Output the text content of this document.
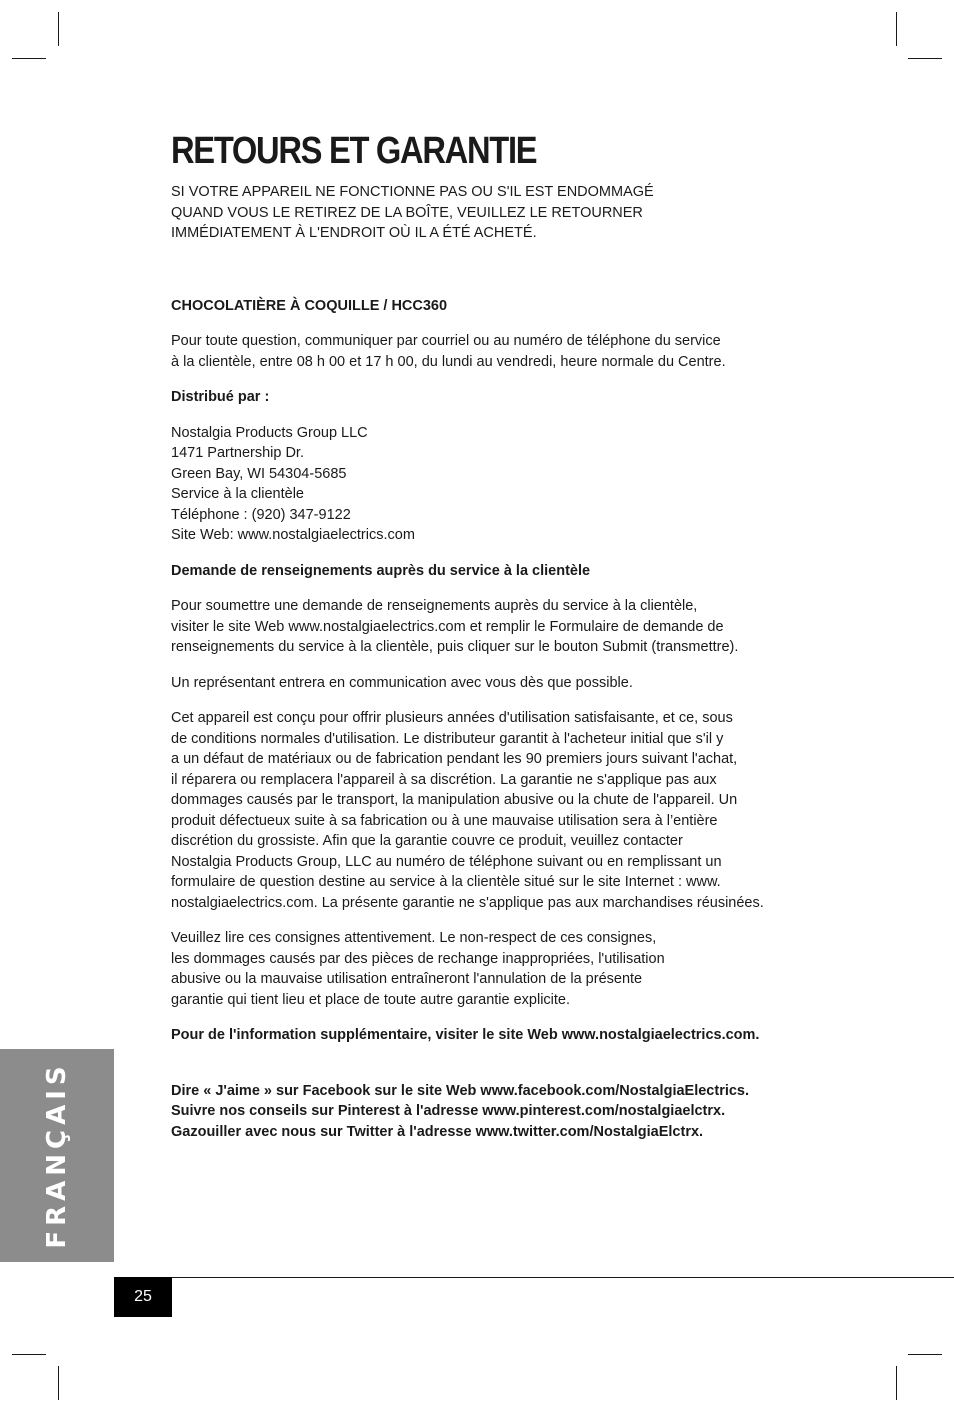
RETOURS ET GARANTIE

SI VOTRE APPAREIL NE FONCTIONNE PAS OU S'IL EST ENDOMMAGÉ
QUAND VOUS LE RETIREZ DE LA BOÎTE, VEUILLEZ LE RETOURNER
IMMÉDIATEMENT À L'ENDROIT OÙ IL A ÉTÉ ACHETÉ.

CHOCOLATIÈRE À COQUILLE / HCC360

Pour toute question, communiquer par courriel ou au numéro de téléphone du service
à la clientèle, entre 08 h 00 et 17 h 00, du lundi au vendredi, heure normale du Centre.

Distribué par :

Nostalgia Products Group LLC
1471 Partnership Dr.
Green Bay, WI 54304-5685
Service à la clientèle
Téléphone : (920) 347-9122
Site Web: www.nostalgiaelectrics.com

Demande de renseignements auprès du service à la clientèle

Pour soumettre une demande de renseignements auprès du service à la clientèle,
visiter le site Web www.nostalgiaelectrics.com et remplir le Formulaire de demande de
renseignements du service à la clientèle, puis cliquer sur le bouton Submit (transmettre).

Un représentant entrera en communication avec vous dès que possible.

Cet appareil est conçu pour offrir plusieurs années d'utilisation satisfaisante, et ce, sous
de conditions normales d'utilisation. Le distributeur garantit à l'acheteur initial que s'il y
a un défaut de matériaux ou de fabrication pendant les 90 premiers jours suivant l'achat,
il réparera ou remplacera l'appareil à sa discrétion. La garantie ne s'applique pas aux
dommages causés par le transport, la manipulation abusive ou la chute de l'appareil. Un
produit défectueux suite à sa fabrication ou à une mauvaise utilisation sera à l’entière
discrétion du grossiste. Afin que la garantie couvre ce produit, veuillez contacter
Nostalgia Products Group, LLC au numéro de téléphone suivant ou en remplissant un
formulaire de question destine au service à la clientèle situé sur le site Internet : www.
nostalgiaelectrics.com. La présente garantie ne s'applique pas aux marchandises réusinées.

Veuillez lire ces consignes attentivement. Le non-respect de ces consignes,
les dommages causés par des pièces de rechange inappropriées, l'utilisation
abusive ou la mauvaise utilisation entraîneront l'annulation de la présente
garantie qui tient lieu et place de toute autre garantie explicite.

Pour de l'information supplémentaire, visiter le site Web www.nostalgiaelectrics.com.

Dire « J'aime » sur Facebook sur le site Web www.facebook.com/NostalgiaElectrics.
Suivre nos conseils sur Pinterest à l'adresse www.pinterest.com/nostalgiaelctrx.
Gazouiller avec nous sur Twitter à l'adresse www.twitter.com/NostalgiaElctrx.

FRANÇAIS
25
